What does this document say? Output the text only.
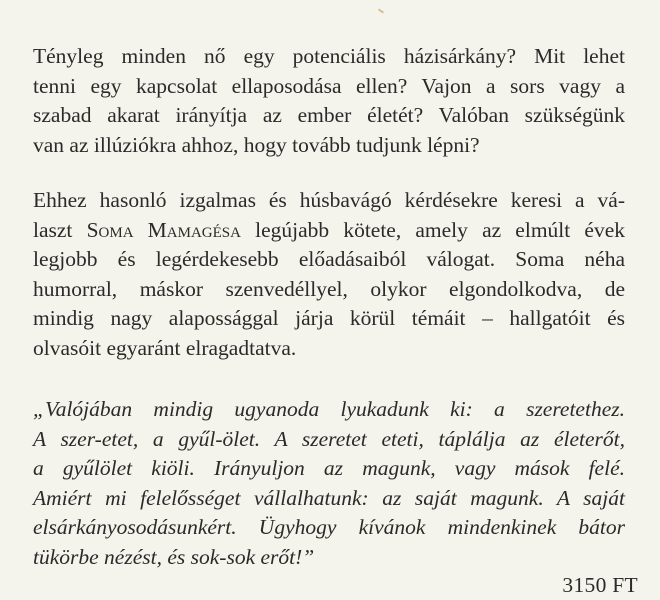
Tényleg minden nő egy potenciális házisárkány? Mit lehet
tenni egy kapcsolat ellaposodása ellen? Vajon a sors vagy a
szabad akarat irányítja az ember életét? Valóban szükségünk
van az illúziókra ahhoz, hogy tovább tudjunk lépni?
Ehhez hasonló izgalmas és húsbavágó kérdésekre keresi a vá-
laszt Soma Mamagésa legújabb kötete, amely az elmúlt évek
legjobb és legérdekesebb előadásaiból válogat. Soma néha
humorral, máskor szenvedéllyel, olykor elgondolkodva, de
mindig nagy alapossággal járja körül témáit – hallgatóit és
olvasóit egyaránt elragadtatva.
„Valójában mindig ugyanoda lyukadunk ki: a szeretethez.
A szer-etet, a gyűl-ölet. A szeretet eteti, táplálja az életerőt,
a gyűlölet kiöli. Irányuljon az magunk, vagy mások felé.
Amiért mi felelősséget vállalhatunk: az saját magunk. A saját
elsárkányosodásunkért. Ügyhogy kívánok mindenkinek bátor
tükörbe nézést, és sok-sok erőt!”
3150 FT
